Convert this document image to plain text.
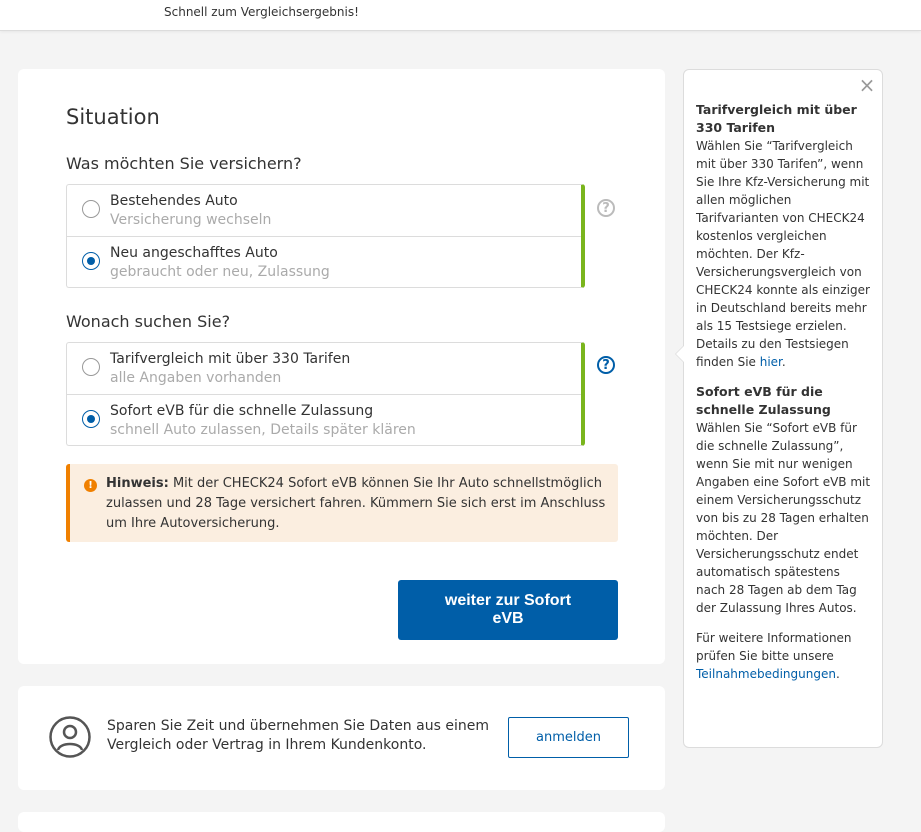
Schnell zum Vergleichsergebnis!
Situation
Was möchten Sie versichern?
Bestehendes Auto
Versicherung wechseln
Neu angeschafftes Auto
gebraucht oder neu, Zulassung
?
Wonach suchen Sie?
Tarifvergleich mit über 330 Tarifen
alle Angaben vorhanden
Sofort eVB für die schnelle Zulassung
schnell Auto zulassen, Details später klären
?
!	Hinweis: Mit der CHECK24 Sofort eVB können Sie Ihr Auto schnellstmöglich zulassen und 28 Tage versichert fahren. Kümmern Sie sich erst im Anschluss um Ihre Autoversicherung.
weiter zur Sofort eVB
Sparen Sie Zeit und übernehmen Sie Daten aus einem Vergleich oder Vertrag in Ihrem Kundenkonto.	anmelden
×

Tarifvergleich mit über 330 Tarifen

Wählen Sie “Tarifvergleich mit über 330 Tarifen”, wenn Sie Ihre Kfz-Versicherung mit allen möglichen Tarifvarianten von CHECK24 kostenlos vergleichen möchten. Der Kfz-Versicherungsvergleich von CHECK24 konnte als einziger in Deutschland bereits mehr als 15 Testsiege erzielen. Details zu den Testsiegen finden Sie hier.

Sofort eVB für die schnelle Zulassung

Wählen Sie “Sofort eVB für die schnelle Zulassung”, wenn Sie mit nur wenigen Angaben eine Sofort eVB mit einem Versicherungsschutz von bis zu 28 Tagen erhalten möchten. Der Versicherungsschutz endet automatisch spätestens nach 28 Tagen ab dem Tag der Zulassung Ihres Autos.

Für weitere Informationen prüfen Sie bitte unsere Teilnahmebedingungen.
